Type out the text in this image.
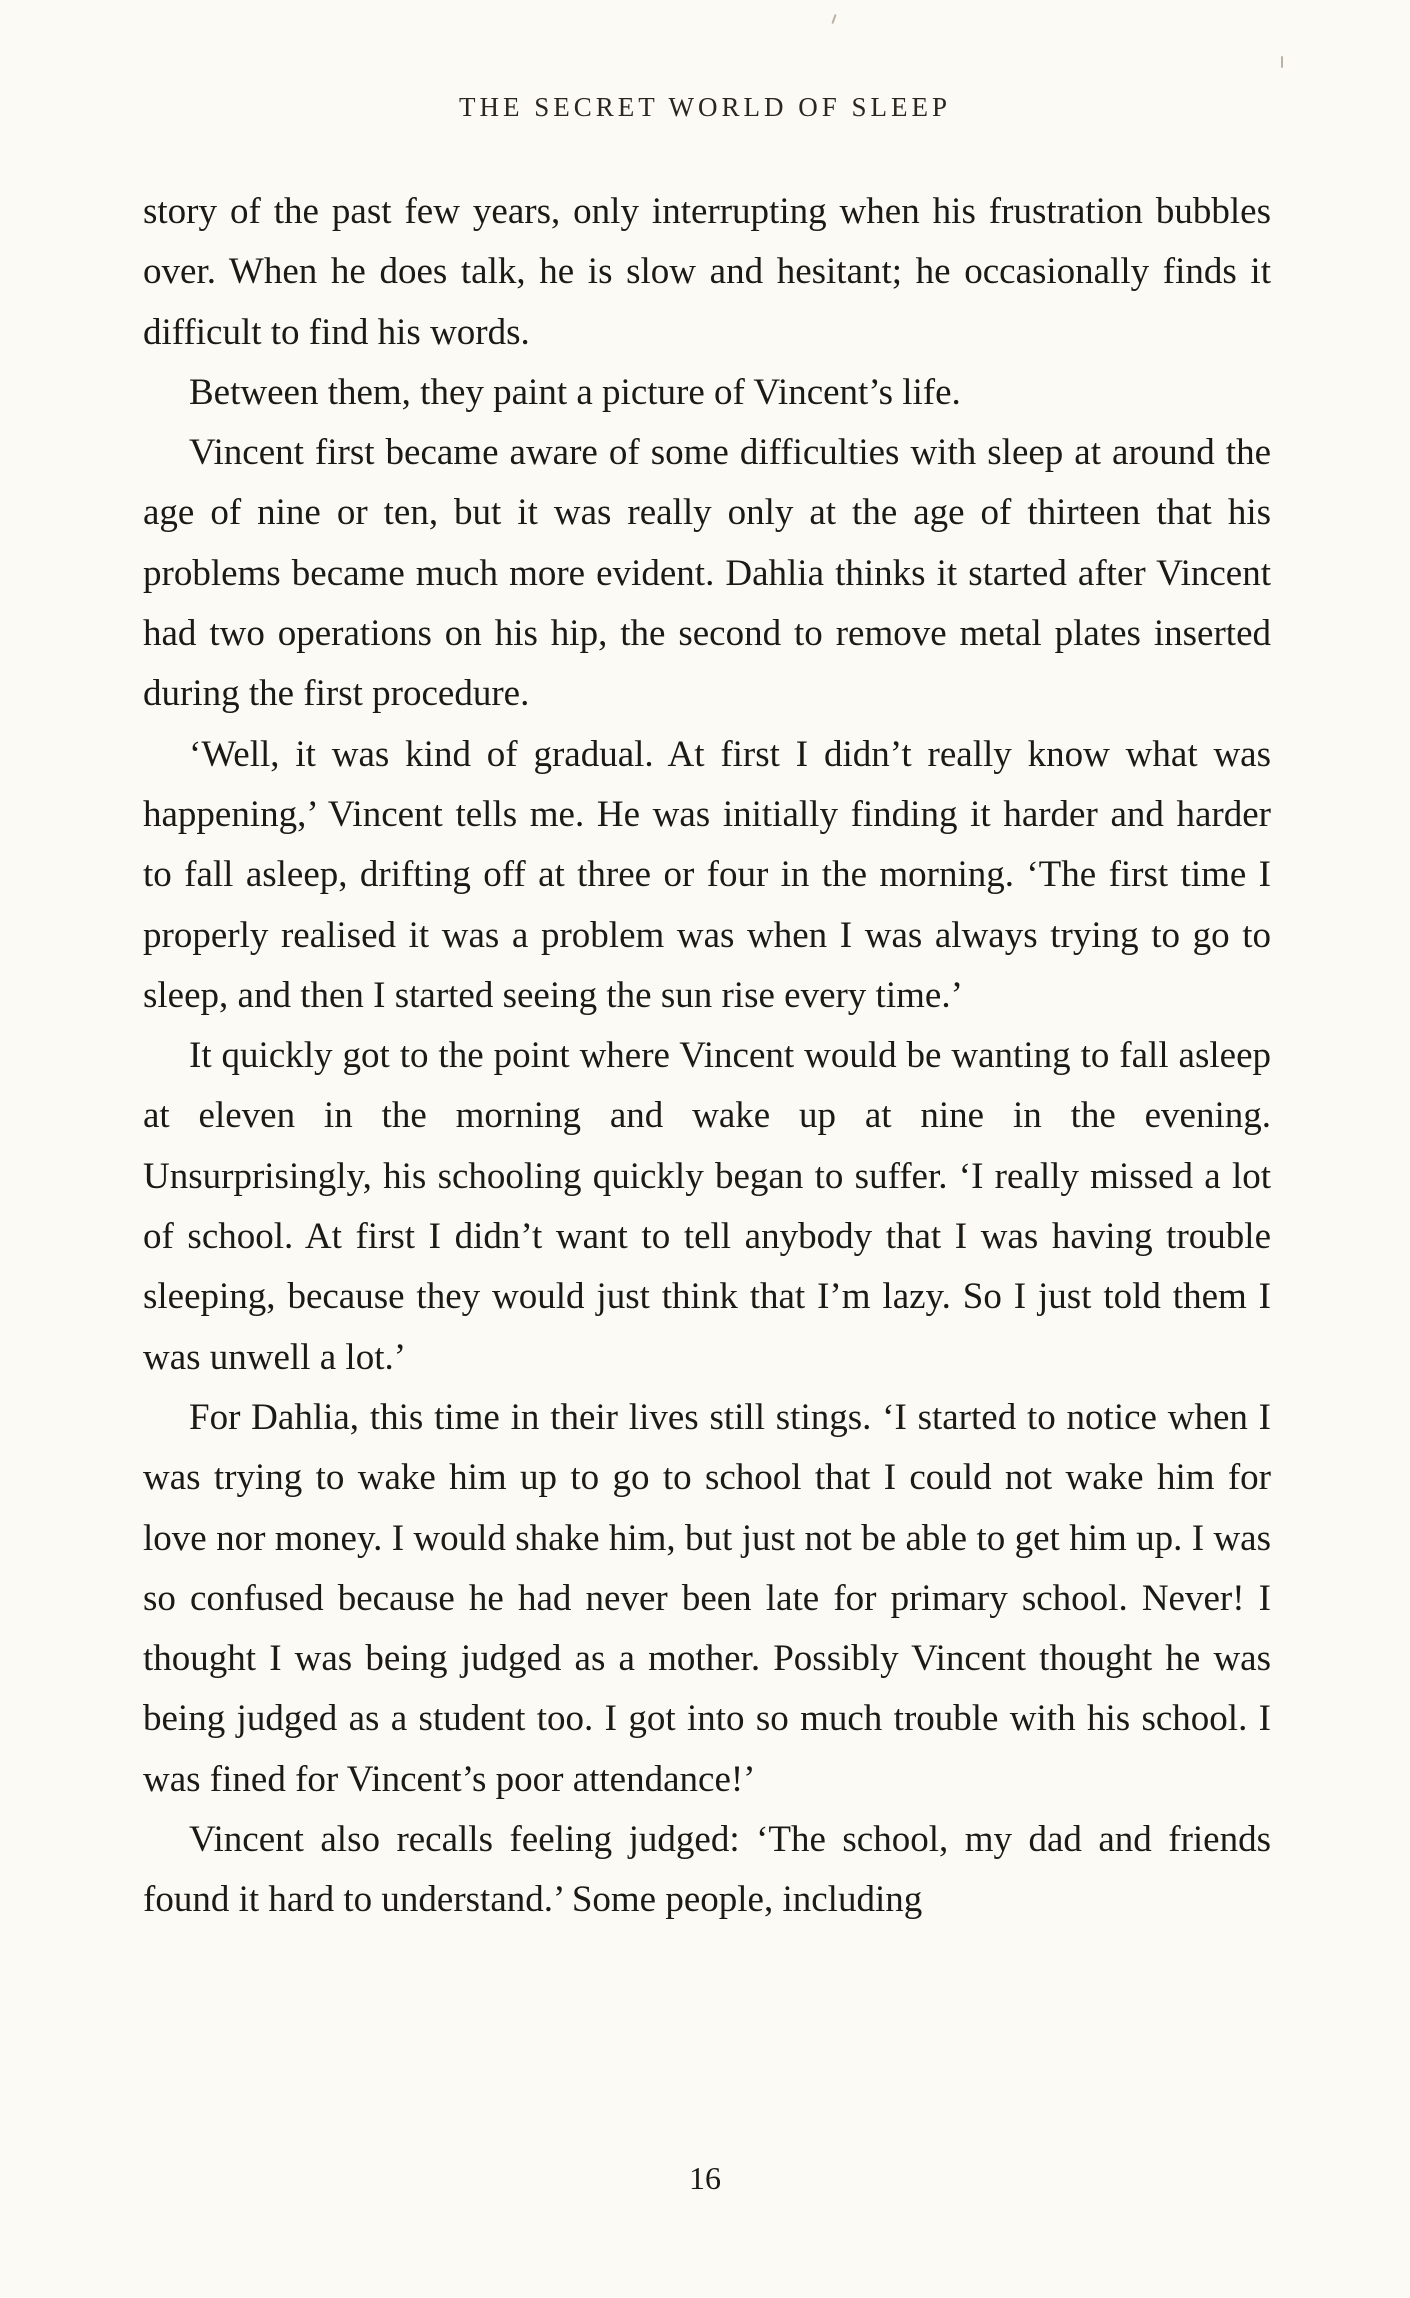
THE SECRET WORLD OF SLEEP

story of the past few years, only interrupting when his frustration bubbles over. When he does talk, he is slow and hesitant; he occasionally finds it difficult to find his words.

Between them, they paint a picture of Vincent’s life.

Vincent first became aware of some difficulties with sleep at around the age of nine or ten, but it was really only at the age of thirteen that his problems became much more evident. Dahlia thinks it started after Vincent had two operations on his hip, the second to remove metal plates inserted during the first procedure.

‘Well, it was kind of gradual. At first I didn’t really know what was happening,’ Vincent tells me. He was initially finding it harder and harder to fall asleep, drifting off at three or four in the morning. ‘The first time I properly realised it was a problem was when I was always trying to go to sleep, and then I started seeing the sun rise every time.’

It quickly got to the point where Vincent would be wanting to fall asleep at eleven in the morning and wake up at nine in the evening. Unsurprisingly, his schooling quickly began to suffer. ‘I really missed a lot of school. At first I didn’t want to tell anybody that I was having trouble sleeping, because they would just think that I’m lazy. So I just told them I was unwell a lot.’

For Dahlia, this time in their lives still stings. ‘I started to notice when I was trying to wake him up to go to school that I could not wake him for love nor money. I would shake him, but just not be able to get him up. I was so confused because he had never been late for primary school. Never! I thought I was being judged as a mother. Possibly Vincent thought he was being judged as a student too. I got into so much trouble with his school. I was fined for Vincent’s poor attendance!’

Vincent also recalls feeling judged: ‘The school, my dad and friends found it hard to understand.’ Some people, including

16
